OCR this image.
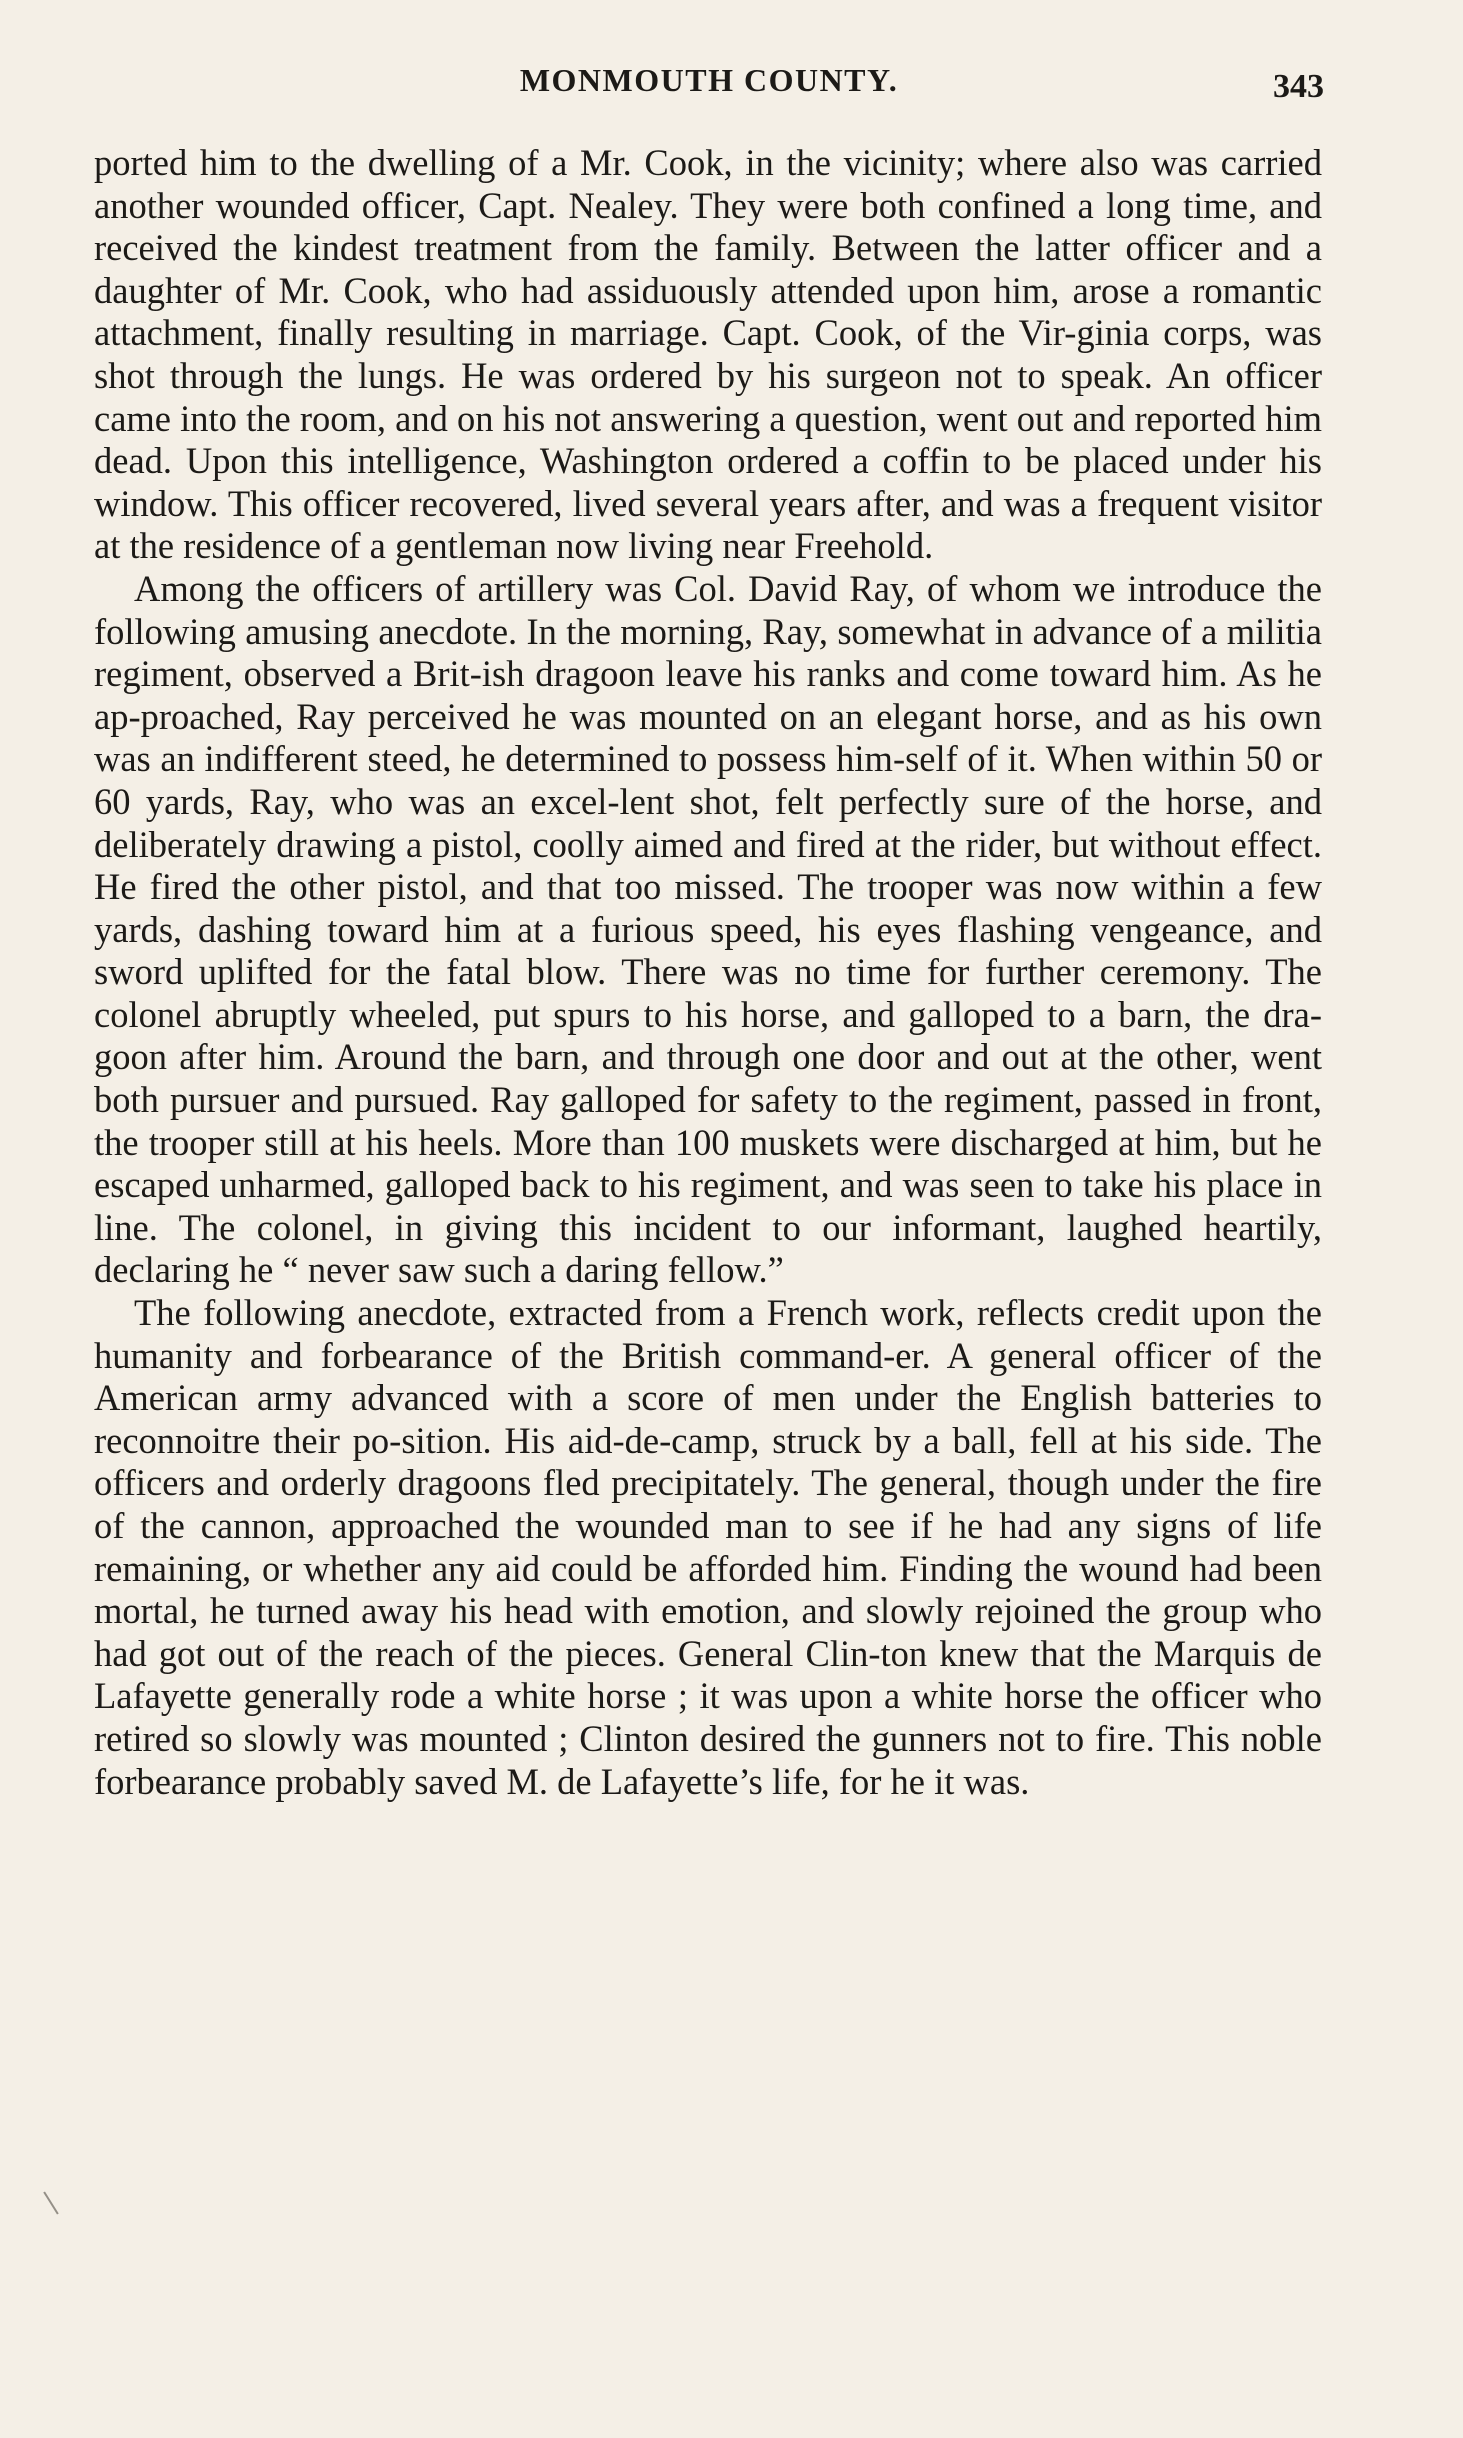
MONMOUTH COUNTY.	343

ported him to the dwelling of a Mr. Cook, in the vicinity; where also was carried another wounded officer, Capt. Nealey. They were both confined a long time, and received the kindest treatment from the family. Between the latter officer and a daughter of Mr. Cook, who had assiduously attended upon him, arose a romantic attachment, finally resulting in marriage. Capt. Cook, of the Vir-ginia corps, was shot through the lungs. He was ordered by his surgeon not to speak. An officer came into the room, and on his not answering a question, went out and reported him dead. Upon this intelligence, Washington ordered a coffin to be placed under his window. This officer recovered, lived several years after, and was a frequent visitor at the residence of a gentleman now living near Freehold.

Among the officers of artillery was Col. David Ray, of whom we introduce the following amusing anecdote. In the morning, Ray, somewhat in advance of a militia regiment, observed a Brit-ish dragoon leave his ranks and come toward him. As he ap-proached, Ray perceived he was mounted on an elegant horse, and as his own was an indifferent steed, he determined to possess him-self of it. When within 50 or 60 yards, Ray, who was an excel-lent shot, felt perfectly sure of the horse, and deliberately drawing a pistol, coolly aimed and fired at the rider, but without effect. He fired the other pistol, and that too missed. The trooper was now within a few yards, dashing toward him at a furious speed, his eyes flashing vengeance, and sword uplifted for the fatal blow. There was no time for further ceremony. The colonel abruptly wheeled, put spurs to his horse, and galloped to a barn, the dra-goon after him. Around the barn, and through one door and out at the other, went both pursuer and pursued. Ray galloped for safety to the regiment, passed in front, the trooper still at his heels. More than 100 muskets were discharged at him, but he escaped unharmed, galloped back to his regiment, and was seen to take his place in line. The colonel, in giving this incident to our informant, laughed heartily, declaring he “ never saw such a daring fellow.”

The following anecdote, extracted from a French work, reflects credit upon the humanity and forbearance of the British command-er. A general officer of the American army advanced with a score of men under the English batteries to reconnoitre their po-sition. His aid-de-camp, struck by a ball, fell at his side. The officers and orderly dragoons fled precipitately. The general, though under the fire of the cannon, approached the wounded man to see if he had any signs of life remaining, or whether any aid could be afforded him. Finding the wound had been mortal, he turned away his head with emotion, and slowly rejoined the group who had got out of the reach of the pieces. General Clin-ton knew that the Marquis de Lafayette generally rode a white horse ; it was upon a white horse the officer who retired so slowly was mounted ; Clinton desired the gunners not to fire. This noble forbearance probably saved M. de Lafayette’s life, for he it was.
